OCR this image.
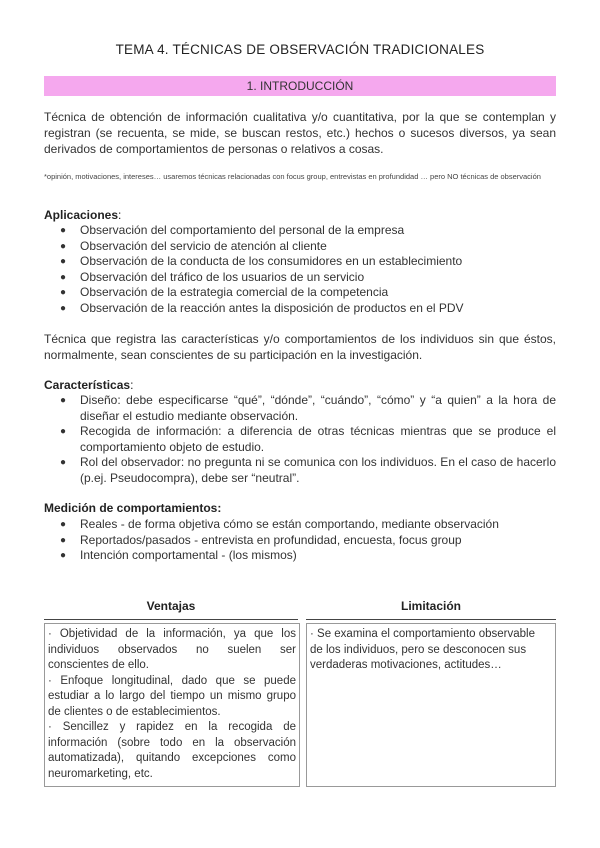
TEMA 4. TÉCNICAS DE OBSERVACIÓN TRADICIONALES
1. INTRODUCCIÓN
Técnica de obtención de información cualitativa y/o cuantitativa, por la que se contemplan y registran (se recuenta, se mide, se buscan restos, etc.) hechos o sucesos diversos, ya sean derivados de comportamientos de personas o relativos a cosas.
*opinión, motivaciones, intereses… usaremos técnicas relacionadas con focus group, entrevistas en profundidad … pero NO técnicas de observación
Aplicaciones:
● Observación del comportamiento del personal de la empresa
● Observación del servicio de atención al cliente
● Observación de la conducta de los consumidores en un establecimiento
● Observación del tráfico de los usuarios de un servicio
● Observación de la estrategia comercial de la competencia
● Observación de la reacción antes la disposición de productos en el PDV
Técnica que registra las características y/o comportamientos de los individuos sin que éstos, normalmente, sean conscientes de su participación en la investigación.
Características:
● Diseño: debe especificarse “qué”, “dónde”, “cuándo”, “cómo” y “a quien” a la hora de diseñar el estudio mediante observación.
● Recogida de información: a diferencia de otras técnicas mientras que se produce el comportamiento objeto de estudio.
● Rol del observador: no pregunta ni se comunica con los individuos. En el caso de hacerlo (p.ej. Pseudocompra), debe ser “neutral”.
Medición de comportamientos:
● Reales - de forma objetiva cómo se están comportando, mediante observación
● Reportados/pasados - entrevista en profundidad, encuesta, focus group
● Intención comportamental - (los mismos)
Ventajas	Limitación

· Objetividad de la información, ya que los individuos observados no suelen ser conscientes de ello.

· Enfoque longitudinal, dado que se puede estudiar a lo largo del tiempo un mismo grupo de clientes o de establecimientos.

· Sencillez y rapidez en la recogida de información (sobre todo en la observación automatizada), quitando excepciones como neuromarketing, etc.

· Se examina el comportamiento observable de los individuos, pero se desconocen sus verdaderas motivaciones, actitudes…
